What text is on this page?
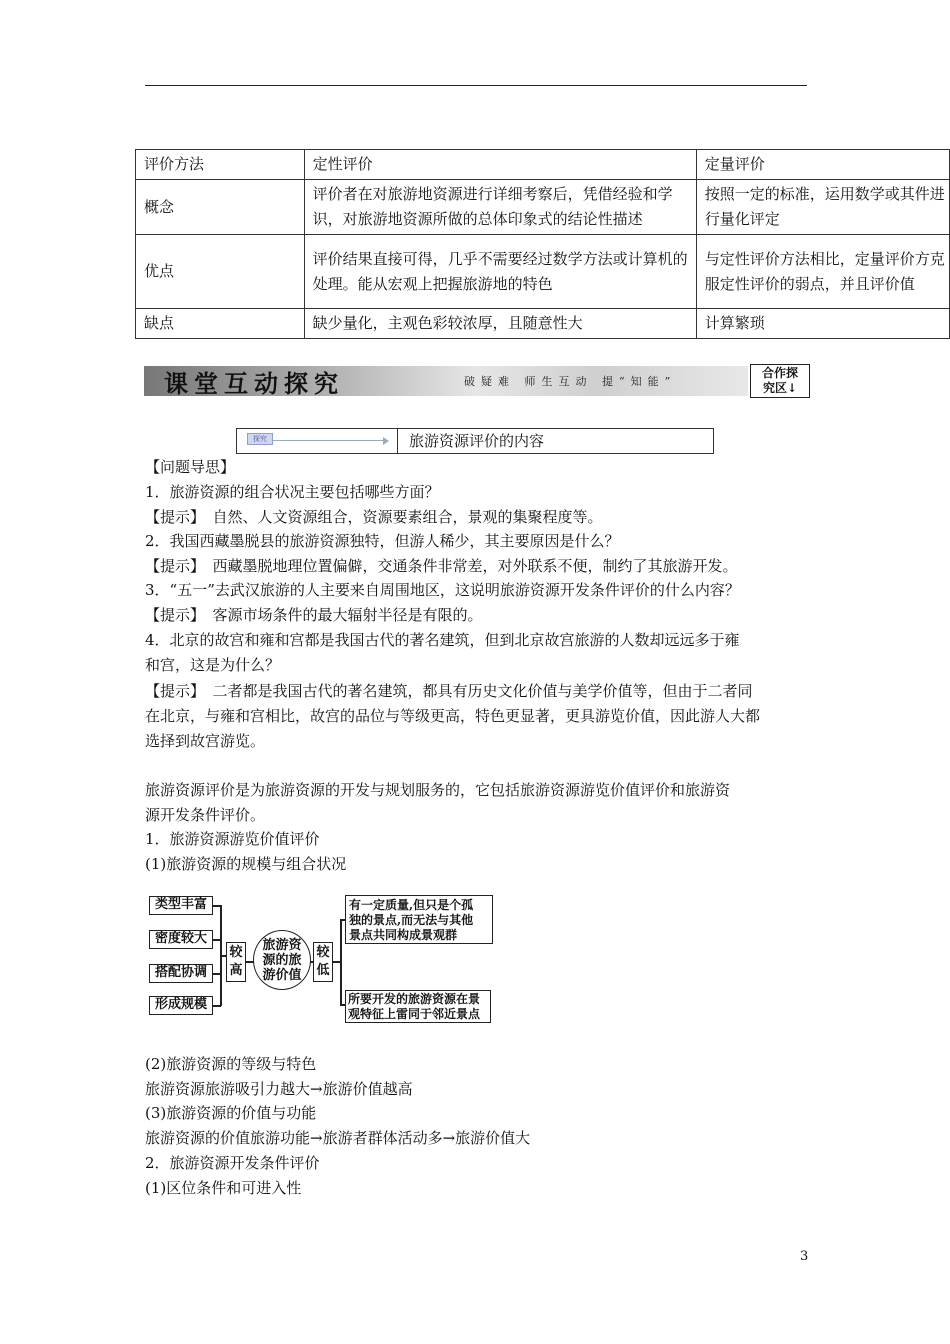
评价方法	定性评价	定量评价
概念	评价者在对旅游地资源进行详细考察后，凭借经验和学识，对旅游地资源所做的总体印象式的结论性描述	按照一定的标准，运用数学或其件进行量化评定
优点	评价结果直接可得，几乎不需要经过数学方法或计算机的处理。能从宏观上把握旅游地的特色	与定性评价方法相比，定量评价方克服定性评价的弱点，并且评价值
缺点	缺少量化，主观色彩较浓厚，且随意性大	计算繁琐
课堂互动探究	破疑难 师生互动 提“知能”
合作探
究区↓
探究	旅游资源评价的内容
【问题导思】
1．旅游资源的组合状况主要包括哪些方面？
【提示】　自然、人文资源组合，资源要素组合，景观的集聚程度等。
2．我国西藏墨脱县的旅游资源独特，但游人稀少，其主要原因是什么？
【提示】　西藏墨脱地理位置偏僻，交通条件非常差，对外联系不便，制约了其旅游开发。
3．“五一”去武汉旅游的人主要来自周围地区，这说明旅游资源开发条件评价的什么内容？
【提示】　客源市场条件的最大辐射半径是有限的。
4．北京的故宫和雍和宫都是我国古代的著名建筑，但到北京故宫旅游的人数却远远多于雍
和宫，这是为什么？
【提示】　二者都是我国古代的著名建筑，都具有历史文化价值与美学价值等，但由于二者同
在北京，与雍和宫相比，故宫的品位与等级更高，特色更显著，更具游览价值，因此游人大都
选择到故宫游览。
旅游资源评价是为旅游资源的开发与规划服务的，它包括旅游资源游览价值评价和旅游资
源开发条件评价。
1．旅游资源游览价值评价
(1)旅游资源的规模与组合状况
类型丰富
密度较大
搭配协调
形成规模
较高
旅游资
源的旅
游价值
较低
有一定质量,但只是个孤
独的景点,而无法与其他
景点共同构成景观群
所要开发的旅游资源在景
观特征上雷同于邻近景点
(2)旅游资源的等级与特色
旅游资源旅游吸引力越大→旅游价值越高
(3)旅游资源的价值与功能
旅游资源的价值旅游功能→旅游者群体活动多→旅游价值大
2．旅游资源开发条件评价
(1)区位条件和可进入性
3
